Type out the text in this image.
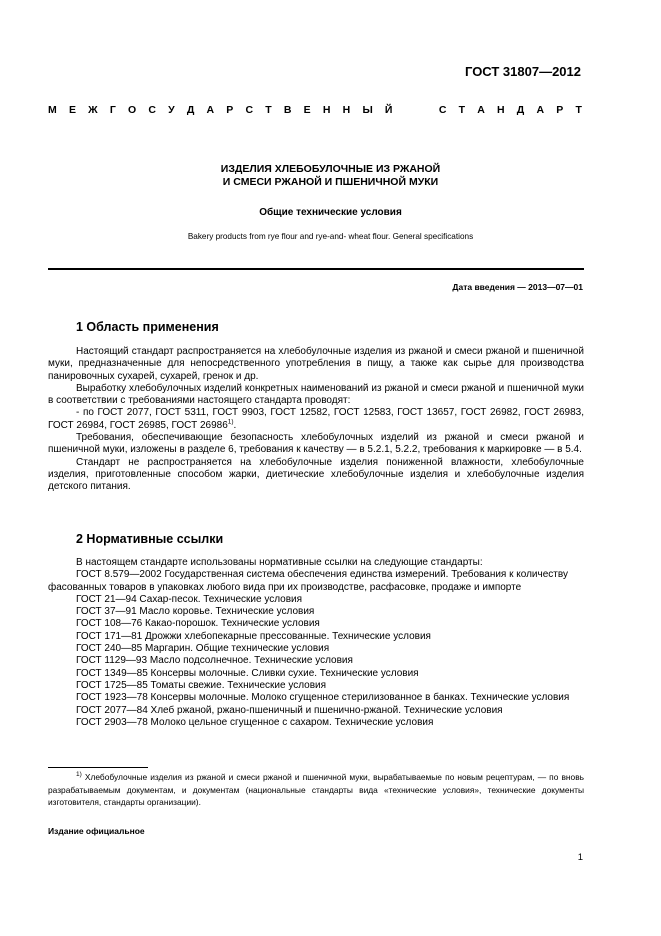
ГОСТ 31807—2012
М Е Ж Г О С У Д А Р С Т В Е Н Н Ы Й	С Т А Н Д А Р Т
ИЗДЕЛИЯ ХЛЕБОБУЛОЧНЫЕ ИЗ РЖАНОЙ
И СМЕСИ РЖАНОЙ И ПШЕНИЧНОЙ МУКИ
Общие технические условия
Bakery products from rye flour and rye-and- wheat flour. General specifications
Дата введения — 2013—07—01
1 Область применения

Настоящий стандарт распространяется на хлебобулочные изделия из ржаной и смеси ржаной и пшеничной муки, предназначенные для непосредственного употребления в пищу, а также как сырье для производства панировочных сухарей, сухарей, гренок и др.

Выработку хлебобулочных изделий конкретных наименований из ржаной и смеси ржаной и пшеничной муки в соответствии с требованиями настоящего стандарта проводят:

- по ГОСТ 2077, ГОСТ 5311, ГОСТ 9903, ГОСТ 12582, ГОСТ 12583, ГОСТ 13657, ГОСТ 26982, ГОСТ 26983, ГОСТ 26984, ГОСТ 26985, ГОСТ 26986$^{1)}$.

Требования, обеспечивающие безопасность хлебобулочных изделий из ржаной и смеси ржаной и пшеничной муки, изложены в разделе 6, требования к качеству — в 5.2.1, 5.2.2, требования к маркировке — в 5.4.

Стандарт не распространяется на хлебобулочные изделия пониженной влажности, хлебобулочные изделия, приготовленные способом жарки, диетические хлебобулочные изделия и хлебобулочные изделия детского питания.

2 Нормативные ссылки
В настоящем стандарте использованы нормативные ссылки на следующие стандарты:
ГОСТ 8.579—2002 Государственная система обеспечения единства измерений. Требования к количеству фасованных товаров в упаковках любого вида при их производстве, расфасовке, продаже и импорте
ГОСТ 21—94 Сахар-песок. Технические условия
ГОСТ 37—91 Масло коровье. Технические условия
ГОСТ 108—76 Какао-порошок. Технические условия
ГОСТ 171—81 Дрожжи хлебопекарные прессованные. Технические условия
ГОСТ 240—85 Маргарин. Общие технические условия
ГОСТ 1129—93 Масло подсолнечное. Технические условия
ГОСТ 1349—85 Консервы молочные. Сливки сухие. Технические условия
ГОСТ 1725—85 Томаты свежие. Технические условия
ГОСТ 1923—78 Консервы молочные. Молоко сгущенное стерилизованное в банках. Технические условия
ГОСТ 2077—84 Хлеб ржаной, ржано-пшеничный и пшенично-ржаной. Технические условия
ГОСТ 2903—78 Молоко цельное сгущенное с сахаром. Технические условия

$^{1)}$ Хлебобулочные изделия из ржаной и смеси ржаной и пшеничной муки, вырабатываемые по новым рецептурам, — по вновь разрабатываемым документам, и документам (национальные стандарты вида «технические условия», технические документы изготовителя, стандарты организации).

Издание официальное
1
